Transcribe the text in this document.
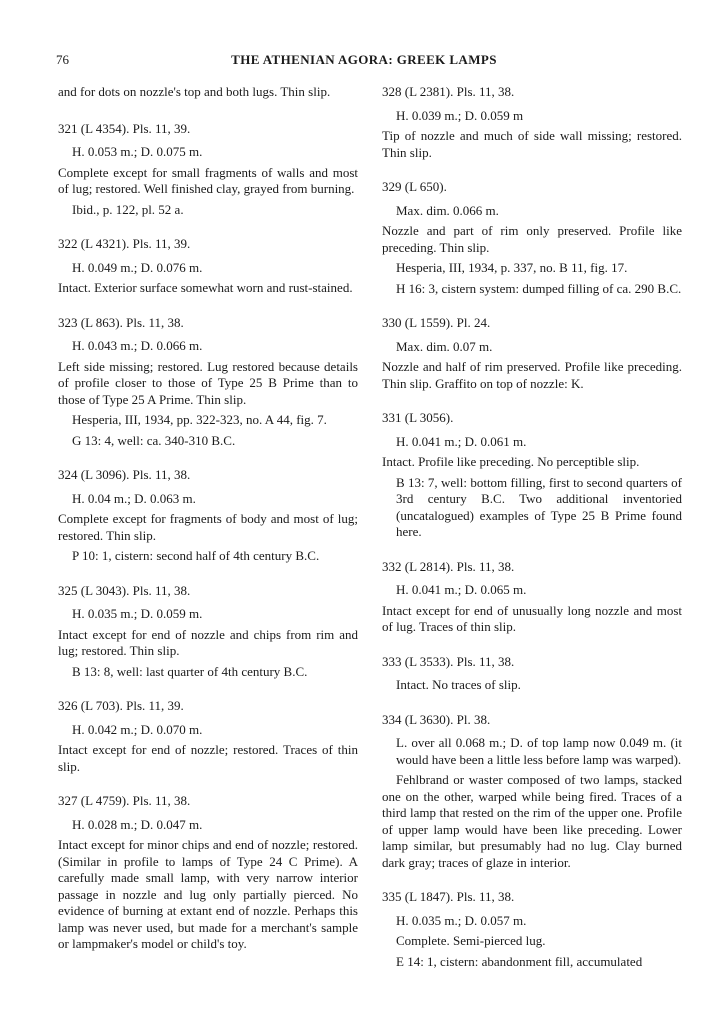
76	THE ATHENIAN AGORA: GREEK LAMPS
and for dots on nozzle's top and both lugs. Thin slip.
321 (L 4354). Pls. 11, 39.
H. 0.053 m.; D. 0.075 m.
Complete except for small fragments of walls and most of lug; restored. Well finished clay, grayed from burning.
Ibid., p. 122, pl. 52 a.
322 (L 4321). Pls. 11, 39.
H. 0.049 m.; D. 0.076 m.
Intact. Exterior surface somewhat worn and rust-stained.
323 (L 863). Pls. 11, 38.
H. 0.043 m.; D. 0.066 m.
Left side missing; restored. Lug restored because details of profile closer to those of Type 25 B Prime than to those of Type 25 A Prime. Thin slip.
Hesperia, III, 1934, pp. 322-323, no. A 44, fig. 7.
G 13: 4, well: ca. 340-310 B.C.
324 (L 3096). Pls. 11, 38.
H. 0.04 m.; D. 0.063 m.
Complete except for fragments of body and most of lug; restored. Thin slip.
P 10: 1, cistern: second half of 4th century B.C.
325 (L 3043). Pls. 11, 38.
H. 0.035 m.; D. 0.059 m.
Intact except for end of nozzle and chips from rim and lug; restored. Thin slip.
B 13: 8, well: last quarter of 4th century B.C.
326 (L 703). Pls. 11, 39.
H. 0.042 m.; D. 0.070 m.
Intact except for end of nozzle; restored. Traces of thin slip.
327 (L 4759). Pls. 11, 38.
H. 0.028 m.; D. 0.047 m.
Intact except for minor chips and end of nozzle; restored. (Similar in profile to lamps of Type 24 C Prime). A carefully made small lamp, with very narrow interior passage in nozzle and lug only partially pierced. No evidence of burning at extant end of nozzle. Perhaps this lamp was never used, but made for a merchant's sample or lampmaker's model or child's toy.
328 (L 2381). Pls. 11, 38.
H. 0.039 m.; D. 0.059 m
Tip of nozzle and much of side wall missing; restored. Thin slip.
329 (L 650).
Max. dim. 0.066 m.
Nozzle and part of rim only preserved. Profile like preceding. Thin slip.
Hesperia, III, 1934, p. 337, no. B 11, fig. 17.
H 16: 3, cistern system: dumped filling of ca. 290 B.C.
330 (L 1559). Pl. 24.
Max. dim. 0.07 m.
Nozzle and half of rim preserved. Profile like preceding. Thin slip. Graffito on top of nozzle: K.
331 (L 3056).
H. 0.041 m.; D. 0.061 m.
Intact. Profile like preceding. No perceptible slip.
B 13: 7, well: bottom filling, first to second quarters of 3rd century B.C. Two additional inventoried (uncatalogued) examples of Type 25 B Prime found here.
332 (L 2814). Pls. 11, 38.
H. 0.041 m.; D. 0.065 m.
Intact except for end of unusually long nozzle and most of lug. Traces of thin slip.
333 (L 3533). Pls. 11, 38.
Intact. No traces of slip.
334 (L 3630). Pl. 38.
L. over all 0.068 m.; D. of top lamp now 0.049 m. (it would have been a little less before lamp was warped).
Fehlbrand or waster composed of two lamps, stacked one on the other, warped while being fired. Traces of a third lamp that rested on the rim of the upper one. Profile of upper lamp would have been like preceding. Lower lamp similar, but presumably had no lug. Clay burned dark gray; traces of glaze in interior.
335 (L 1847). Pls. 11, 38.
H. 0.035 m.; D. 0.057 m.
Complete. Semi-pierced lug.
E 14: 1, cistern: abandonment fill, accumulated
